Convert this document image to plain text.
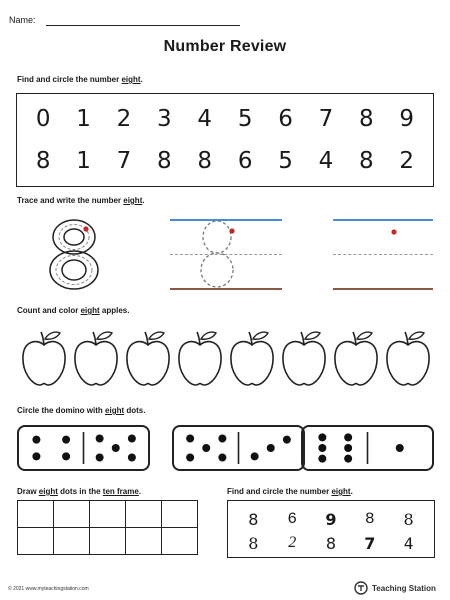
Name:
Number Review
Find and circle the number eight.
0 1 2 3 4 5 6 7 8 9
8 1 7 8 8 6 5 4 8 2
Trace and write the number eight.
Count and color eight apples.
Circle the domino with eight dots.
Draw eight dots in the ten frame.

					Find and circle the number eight.
8	6	9	8	8
8	2	8	7	4
© 2021 www.myteachingstation.com	Teaching Station
